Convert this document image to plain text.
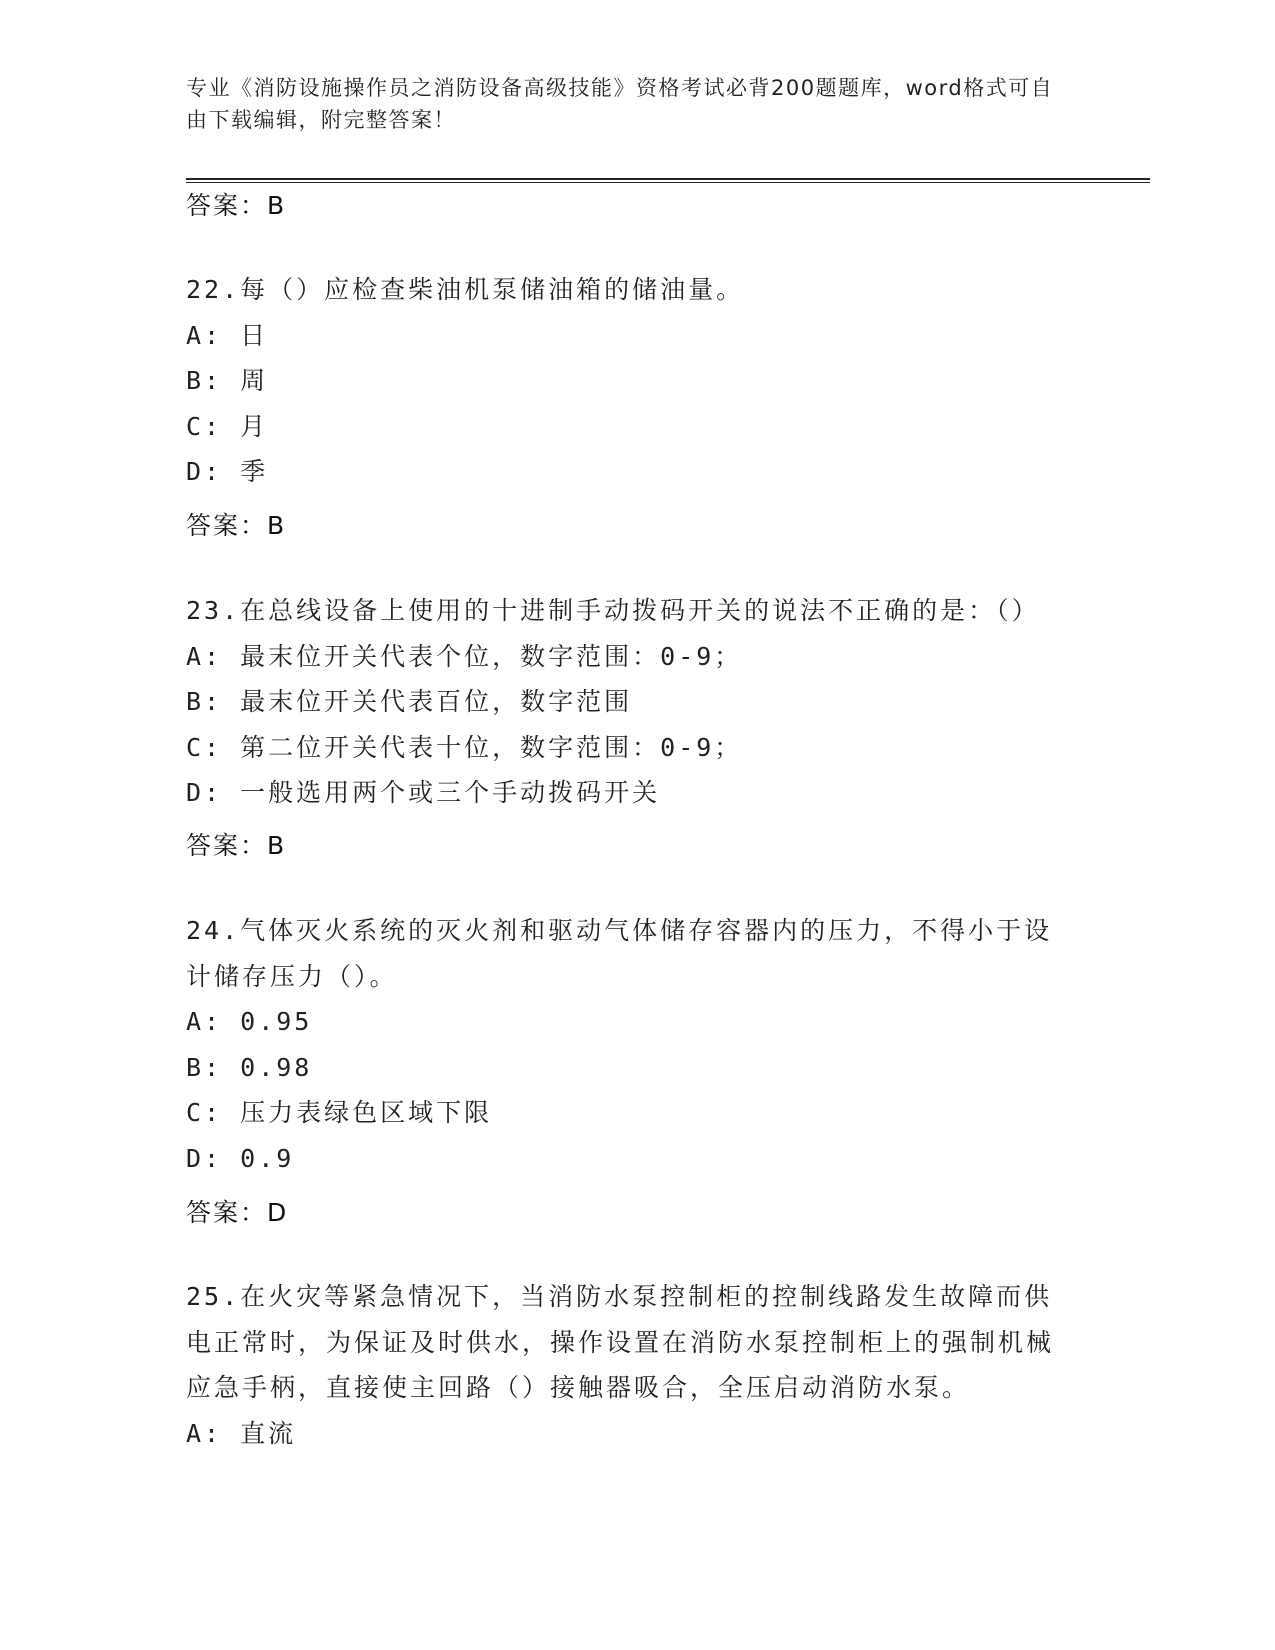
专业《消防设施操作员之消防设备高级技能》资格考试必背200题题库，word格式可自由下载编辑，附完整答案！
答案：B
22.每（）应检查柴油机泵储油箱的储油量。
A: 日
B: 周
C: 月
D: 季
答案：B
23.在总线设备上使用的十进制手动拨码开关的说法不正确的是：（）
A: 最末位开关代表个位，数字范围：0-9；
B: 最末位开关代表百位，数字范围
C: 第二位开关代表十位，数字范围：0-9；
D: 一般选用两个或三个手动拨码开关
答案：B
24.气体灭火系统的灭火剂和驱动气体储存容器内的压力，不得小于设计储存压力（）。
A: 0.95
B: 0.98
C: 压力表绿色区域下限
D: 0.9
答案：D
25.在火灾等紧急情况下，当消防水泵控制柜的控制线路发生故障而供电正常时，为保证及时供水，操作设置在消防水泵控制柜上的强制机械应急手柄，直接使主回路（）接触器吸合，全压启动消防水泵。
A: 直流
